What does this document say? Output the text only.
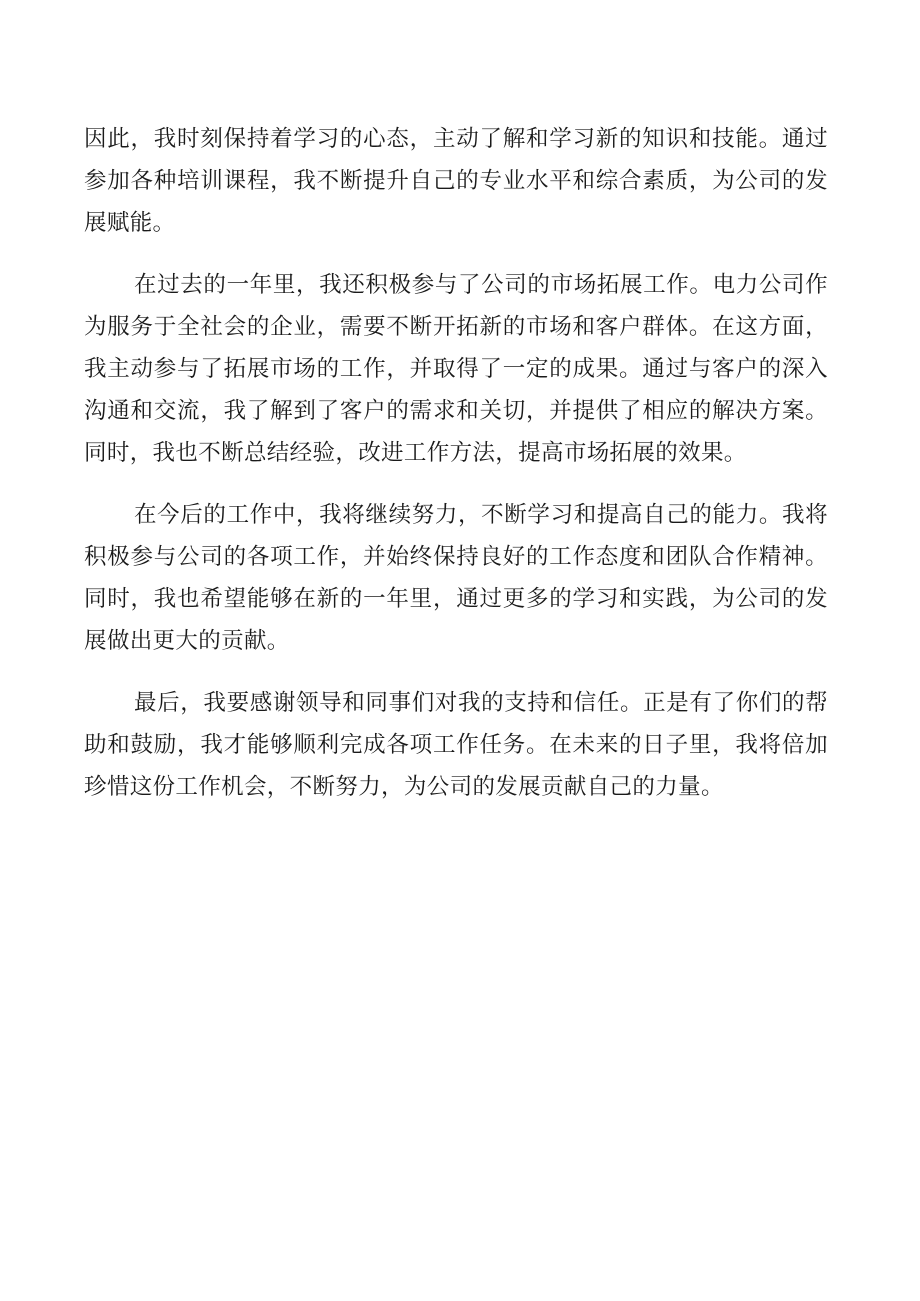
因此，我时刻保持着学习的心态，主动了解和学习新的知识和技能。通过
参加各种培训课程，我不断提升自己的专业水平和综合素质，为公司的发
展赋能。
在过去的一年里，我还积极参与了公司的市场拓展工作。电力公司作
为服务于全社会的企业，需要不断开拓新的市场和客户群体。在这方面，
我主动参与了拓展市场的工作，并取得了一定的成果。通过与客户的深入
沟通和交流，我了解到了客户的需求和关切，并提供了相应的解决方案。
同时，我也不断总结经验，改进工作方法，提高市场拓展的效果。
在今后的工作中，我将继续努力，不断学习和提高自己的能力。我将
积极参与公司的各项工作，并始终保持良好的工作态度和团队合作精神。
同时，我也希望能够在新的一年里，通过更多的学习和实践，为公司的发
展做出更大的贡献。
最后，我要感谢领导和同事们对我的支持和信任。正是有了你们的帮
助和鼓励，我才能够顺利完成各项工作任务。在未来的日子里，我将倍加
珍惜这份工作机会，不断努力，为公司的发展贡献自己的力量。
